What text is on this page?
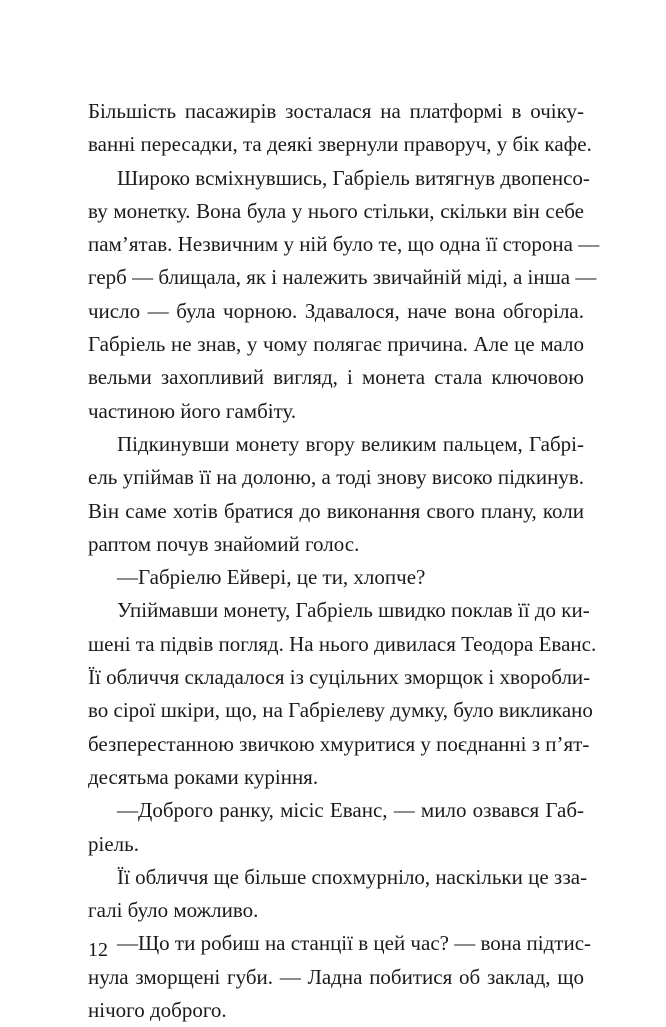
Більшість пасажирів зосталася на платформі в очіку-
ванні пересадки, та деякі звернули праворуч, у бік кафе.
Широко всміхнувшись, Габріель витягнув двопенсо-
ву монетку. Вона була у нього стільки, скільки він себе
пам’ятав. Незвичним у ній було те, що одна її сторона —
герб — блищала, як і належить звичайній міді, а інша —
число — була чорною. Здавалося, наче вона обгоріла.
Габріель не знав, у чому полягає причина. Але це мало
вельми захопливий вигляд, і монета стала ключовою
частиною його гамбіту.
Підкинувши монету вгору великим пальцем, Габрі-
ель упіймав її на долоню, а тоді знову високо підкинув.
Він саме хотів братися до виконання свого плану, коли
раптом почув знайомий голос.
—Габріелю Ейвері, це ти, хлопче?
Упіймавши монету, Габріель швидко поклав її до ки-
шені та підвів погляд. На нього дивилася Теодора Еванс.
Її обличчя складалося із суцільних зморщок і хворобли-
во сірої шкіри, що, на Габріелеву думку, було викликано
безперестанною звичкою хмуритися у поєднанні з п’ят-
десятьма роками куріння.
—Доброго ранку, місіс Еванс, — мило озвався Габ-
ріель.
Її обличчя ще більше спохмурніло, наскільки це зза-
галі було можливо.
—Що ти робиш на станції в цей час? — вона підтис-
нула зморщені губи. — Ладна побитися об заклад, що
нічого доброго.
12
